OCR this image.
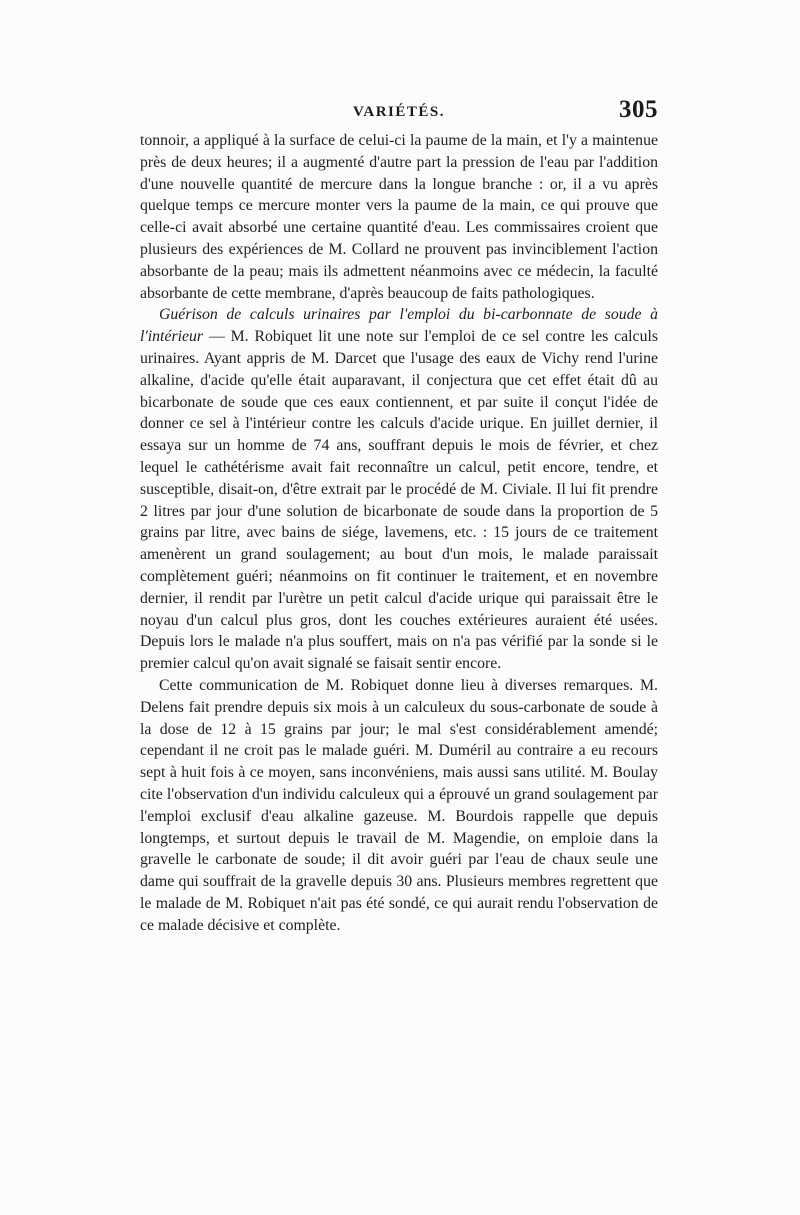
VARIÉTÉS.	305

tonnoir, a appliqué à la surface de celui-ci la paume de la main, et l'y a maintenue près de deux heures; il a augmenté d'autre part la pression de l'eau par l'addition d'une nouvelle quantité de mercure dans la longue branche : or, il a vu après quelque temps ce mercure monter vers la paume de la main, ce qui prouve que celle-ci avait absorbé une certaine quantité d'eau. Les commissaires croient que plusieurs des expériences de M. Collard ne prouvent pas invinciblement l'action absorbante de la peau; mais ils admettent néanmoins avec ce médecin, la faculté absorbante de cette membrane, d'après beaucoup de faits pathologiques.

Guérison de calculs urinaires par l'emploi du bi-carbonnate de soude à l'intérieur — M. Robiquet lit une note sur l'emploi de ce sel contre les calculs urinaires. Ayant appris de M. Darcet que l'usage des eaux de Vichy rend l'urine alkaline, d'acide qu'elle était auparavant, il conjectura que cet effet était dû au bicarbonate de soude que ces eaux contiennent, et par suite il conçut l'idée de donner ce sel à l'intérieur contre les calculs d'acide urique. En juillet dernier, il essaya sur un homme de 74 ans, souffrant depuis le mois de février, et chez lequel le cathétérisme avait fait reconnaître un calcul, petit encore, tendre, et susceptible, disait-on, d'être extrait par le procédé de M. Civiale. Il lui fit prendre 2 litres par jour d'une solution de bicarbonate de soude dans la proportion de 5 grains par litre, avec bains de siége, lavemens, etc. : 15 jours de ce traitement amenèrent un grand soulagement; au bout d'un mois, le malade paraissait complètement guéri; néanmoins on fit continuer le traitement, et en novembre dernier, il rendit par l'urètre un petit calcul d'acide urique qui paraissait être le noyau d'un calcul plus gros, dont les couches extérieures auraient été usées. Depuis lors le malade n'a plus souffert, mais on n'a pas vérifié par la sonde si le premier calcul qu'on avait signalé se faisait sentir encore.

Cette communication de M. Robiquet donne lieu à diverses remarques. M. Delens fait prendre depuis six mois à un calculeux du sous-carbonate de soude à la dose de 12 à 15 grains par jour; le mal s'est considérablement amendé; cependant il ne croit pas le malade guéri. M. Duméril au contraire a eu recours sept à huit fois à ce moyen, sans inconvéniens, mais aussi sans utilité. M. Boulay cite l'observation d'un individu calculeux qui a éprouvé un grand soulagement par l'emploi exclusif d'eau alkaline gazeuse. M. Bourdois rappelle que depuis longtemps, et surtout depuis le travail de M. Magendie, on emploie dans la gravelle le carbonate de soude; il dit avoir guéri par l'eau de chaux seule une dame qui souffrait de la gravelle depuis 30 ans. Plusieurs membres regrettent que le malade de M. Robiquet n'ait pas été sondé, ce qui aurait rendu l'observation de ce malade décisive et complète.
